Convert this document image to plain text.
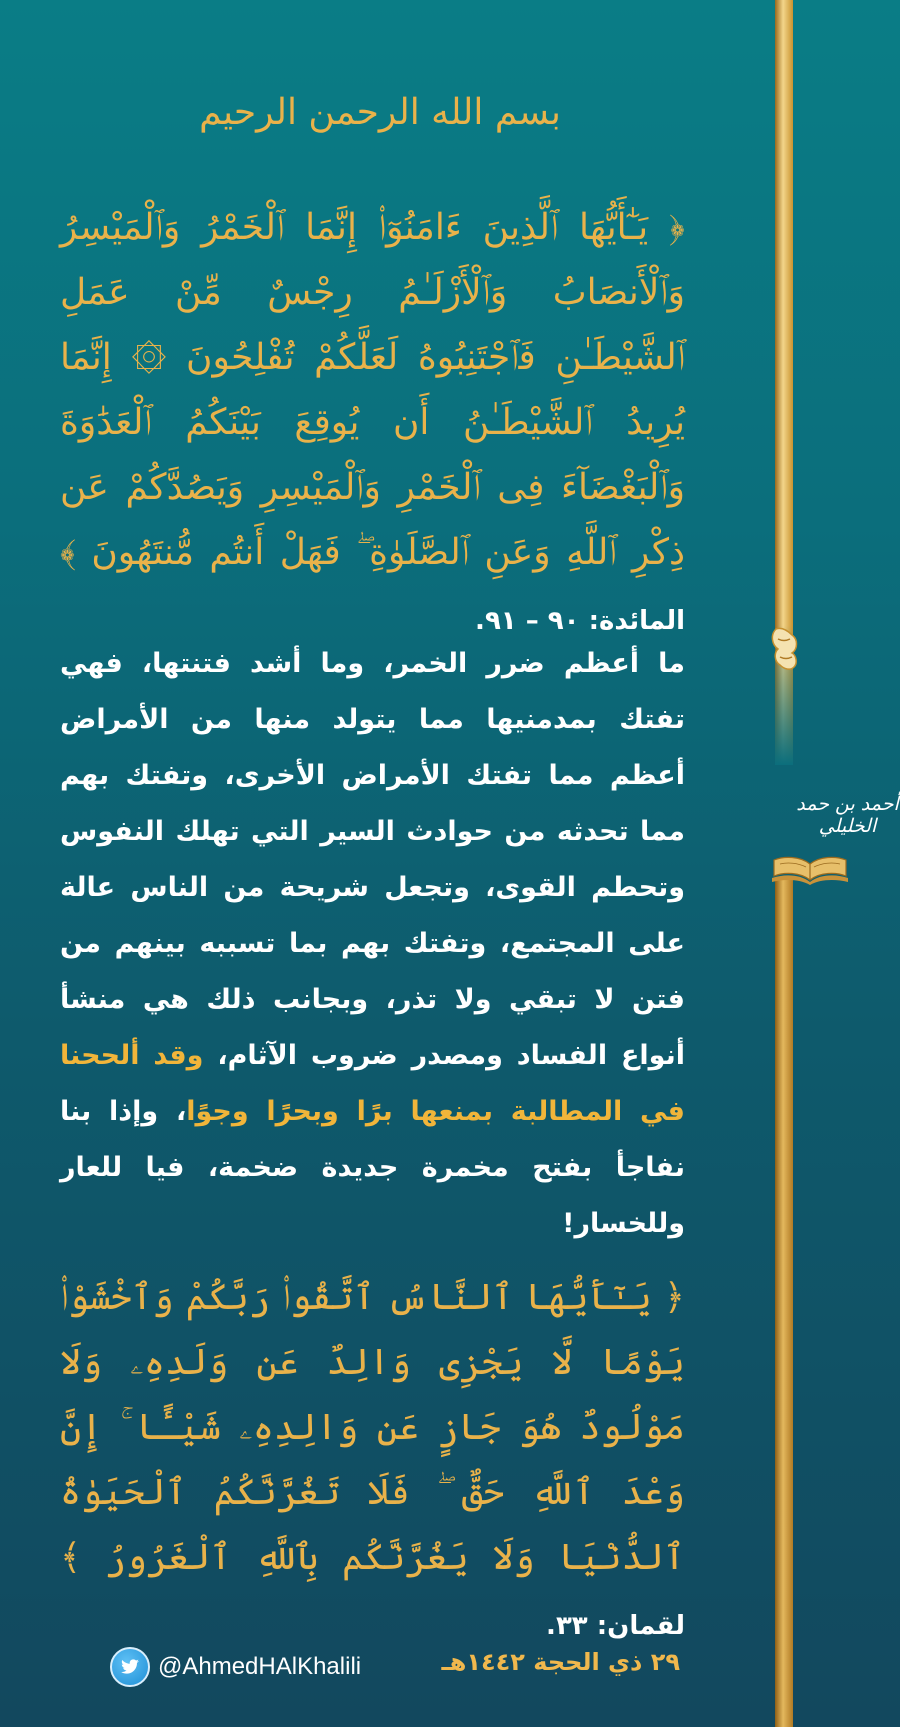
بسم الله الرحمن الرحيم
﴿ يَـٰٓأَيُّهَا ٱلَّذِينَ ءَامَنُوٓا۟ إِنَّمَا ٱلْخَمْرُ وَٱلْمَيْسِرُ وَٱلْأَنصَابُ وَٱلْأَزْلَـٰمُ رِجْسٌ مِّنْ عَمَلِ ٱلشَّيْطَـٰنِ فَٱجْتَنِبُوهُ لَعَلَّكُمْ تُفْلِحُونَ ۞ إِنَّمَا يُرِيدُ ٱلشَّيْطَـٰنُ أَن يُوقِعَ بَيْنَكُمُ ٱلْعَدَٰوَةَ وَٱلْبَغْضَآءَ فِى ٱلْخَمْرِ وَٱلْمَيْسِرِ وَيَصُدَّكُمْ عَن ذِكْرِ ٱللَّهِ وَعَنِ ٱلصَّلَوٰةِ ۖ فَهَلْ أَنتُم مُّنتَهُونَ ﴾ المائدة: ٩٠ – ٩١.
ما أعظم ضرر الخمر، وما أشد فتنتها، فهي تفتك بمدمنيها مما يتولد منها من الأمراض أعظم مما تفتك الأمراض الأخرى، وتفتك بهم مما تحدثه من حوادث السير التي تهلك النفوس وتحطم القوى، وتجعل شريحة من الناس عالة على المجتمع، وتفتك بهم بما تسببه بينهم من فتن لا تبقي ولا تذر، وبجانب ذلك هي منشأ أنواع الفساد ومصدر ضروب الآثام، وقد ألححنا في المطالبة بمنعها برًا وبحرًا وجوًا، وإذا بنا نفاجأ بفتح مخمرة جديدة ضخمة، فيا للعار وللخسار!
﴿ يَـٰٓأَيُّهَا ٱلنَّاسُ ٱتَّقُوا۟ رَبَّكُمْ وَٱخْشَوْا۟ يَوْمًا لَّا يَجْزِى وَالِدٌ عَن وَلَدِهِۦ وَلَا مَوْلُودٌ هُوَ جَازٍ عَن وَالِدِهِۦ شَيْـًٔا ۚ إِنَّ وَعْدَ ٱللَّهِ حَقٌّ ۖ فَلَا تَغُرَّنَّكُمُ ٱلْحَيَوٰةُ ٱلدُّنْيَا وَلَا يَغُرَّنَّكُم بِٱللَّهِ ٱلْغَرُورُ ﴾ لقمان: ٣٣.
أحمد بن حمد الخليلي
٢٩ ذي الحجة ١٤٤٢هـ
@AhmedHAlKhalili
